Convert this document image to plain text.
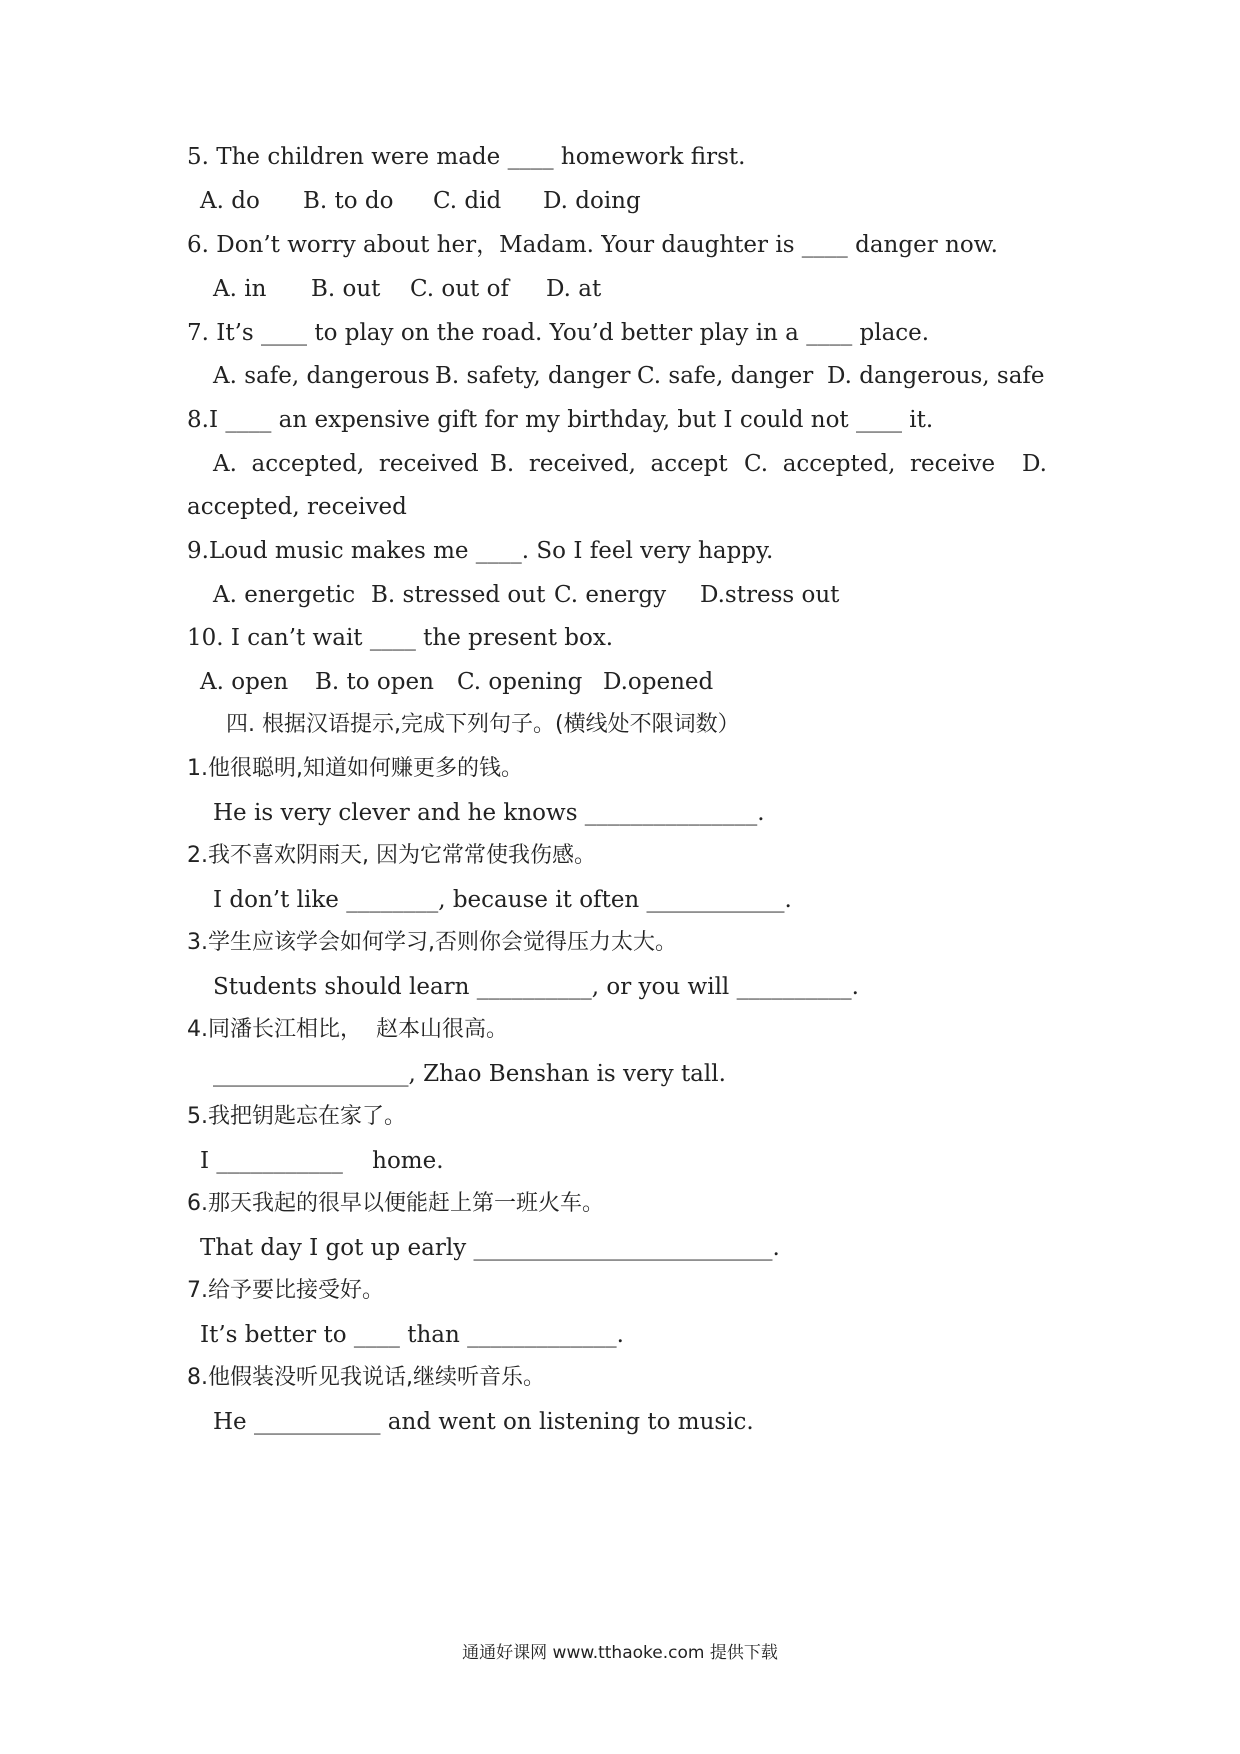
5. The children were made ____ homework first.
A. do B. to do C. did D. doing
6. Don’t worry about her，Madam. Your daughter is ____ danger now.
A. in B. out C. out of D. at
7. It’s ____ to play on the road. You’d better play in a ____ place.
A. safe, dangerous B. safety, danger C. safe, danger D. dangerous, safe
8.I ____ an expensive gift for my birthday, but I could not ____ it.
A.  accepted,  received B.  received,  accept C.  accepted,  receive D.
accepted, received
9.Loud music makes me ____. So I feel very happy.
A. energetic B. stressed out C. energy D.stress out
10. I can’t wait ____ the present box.
A. open B. to open C. opening D.opened
四. 根据汉语提示,完成下列句子。(横线处不限词数）
1.他很聪明,知道如何赚更多的钱。
He is very clever and he knows _______________.
2.我不喜欢阴雨天, 因为它常常使我伤感。
I don’t like ________, because it often ____________.
3.学生应该学会如何学习,否则你会觉得压力太大。
Students should learn __________, or you will __________.
4.同潘长江相比，  赵本山很高。
_________________, Zhao Benshan is very tall.
5.我把钥匙忘在家了。
I ___________    home.
6.那天我起的很早以便能赶上第一班火车。
That day I got up early __________________________.
7.给予要比接受好。
It’s better to ____ than _____________.
8.他假装没听见我说话,继续听音乐。
He ___________ and went on listening to music.
通通好课网 www.tthaoke.com 提供下载
